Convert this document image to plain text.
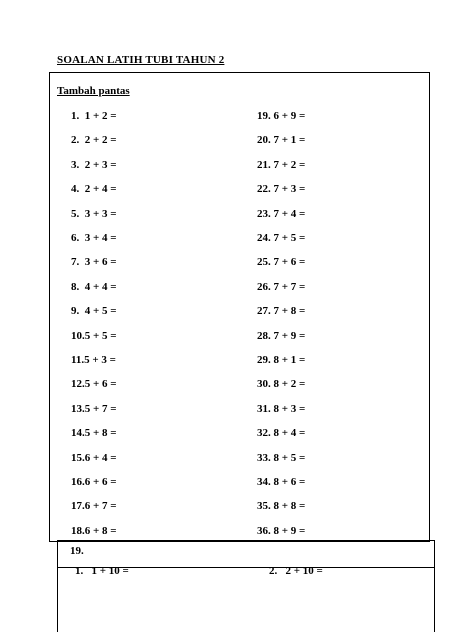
SOALAN LATIH TUBI TAHUN 2
Tambah pantas
1.  1 + 2 =
2.  2 + 2 =
3.  2 + 3 =
4.  2 + 4 =
5.  3 + 3 =
6.  3 + 4 =
7.  3 + 6 =
8.  4 + 4 =
9.  4 + 5 =
10.5 + 5 =
11.5 + 3 =
12.5 + 6 =
13.5 + 7 =
14.5 + 8 =
15.6 + 4 =
16.6 + 6 =
17.6 + 7 =
18.6 + 8 =
19. 6 + 9 =
20. 7 + 1 =
21. 7 + 2 =
22. 7 + 3 =
23. 7 + 4 =
24. 7 + 5 =
25. 7 + 6 =
26. 7 + 7 =
27. 7 + 8 =
28. 7 + 9 =
29. 8 + 1 =
30. 8 + 2 =
31. 8 + 3 =
32. 8 + 4 =
33. 8 + 5 =
34. 8 + 6 =
35. 8 + 8 =
36. 8 + 9 =
19.
1.   1 + 10 =	2.   2 + 10 =
